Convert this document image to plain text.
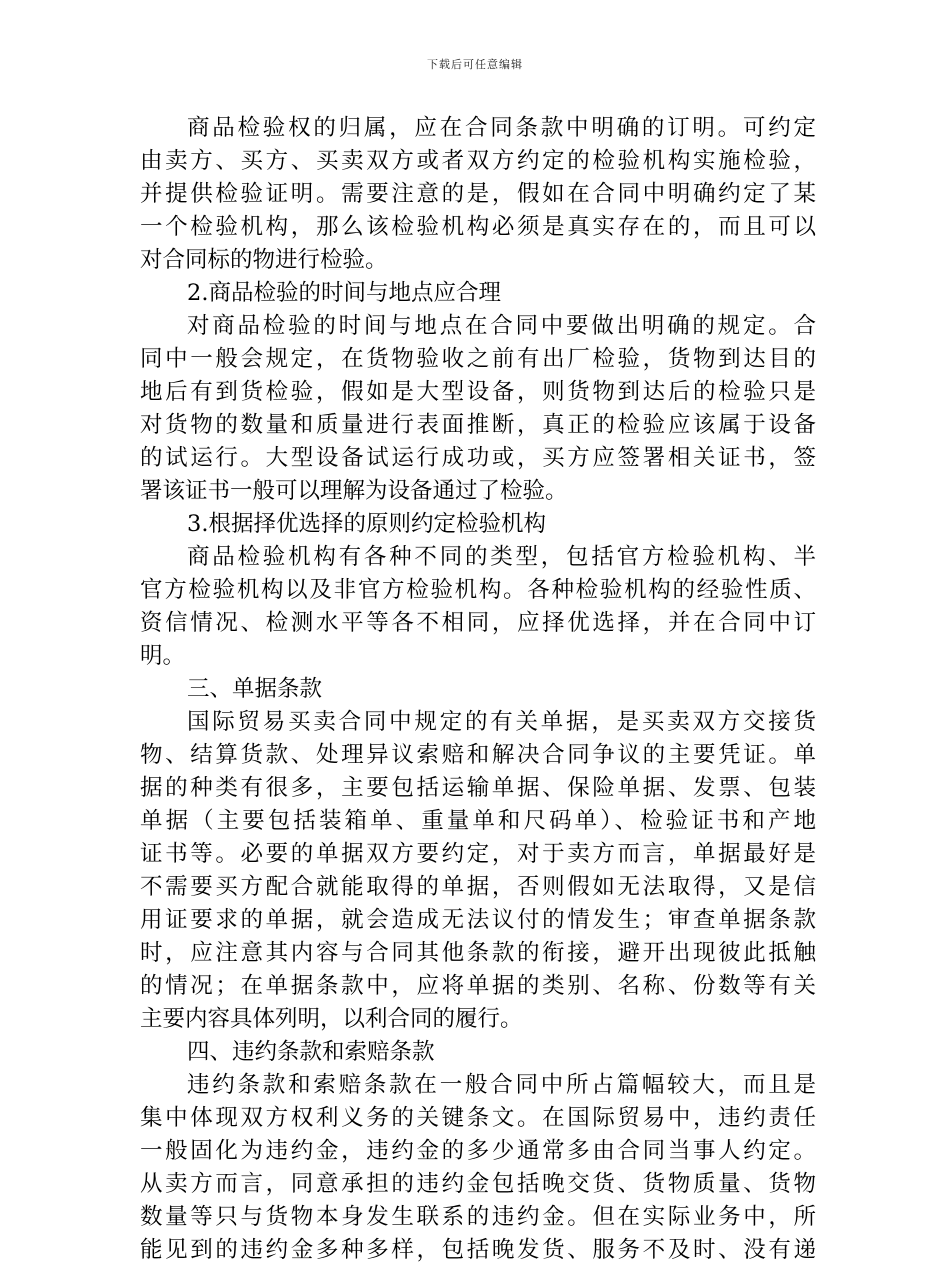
下载后可任意编辑
商品检验权的归属，应在合同条款中明确的订明。可约定
由卖方、买方、买卖双方或者双方约定的检验机构实施检验，
并提供检验证明。需要注意的是，假如在合同中明确约定了某
一个检验机构，那么该检验机构必须是真实存在的，而且可以
对合同标的物进行检验。
2.商品检验的时间与地点应合理
对商品检验的时间与地点在合同中要做出明确的规定。合
同中一般会规定，在货物验收之前有出厂检验，货物到达目的
地后有到货检验，假如是大型设备，则货物到达后的检验只是
对货物的数量和质量进行表面推断，真正的检验应该属于设备
的试运行。大型设备试运行成功或，买方应签署相关证书，签
署该证书一般可以理解为设备通过了检验。
3.根据择优选择的原则约定检验机构
商品检验机构有各种不同的类型，包括官方检验机构、半
官方检验机构以及非官方检验机构。各种检验机构的经验性质、
资信情况、检测水平等各不相同，应择优选择，并在合同中订
明。
三、单据条款
国际贸易买卖合同中规定的有关单据，是买卖双方交接货
物、结算货款、处理异议索赔和解决合同争议的主要凭证。单
据的种类有很多，主要包括运输单据、保险单据、发票、包装
单据（主要包括装箱单、重量单和尺码单）、检验证书和产地
证书等。必要的单据双方要约定，对于卖方而言，单据最好是
不需要买方配合就能取得的单据，否则假如无法取得，又是信
用证要求的单据，就会造成无法议付的情发生；审查单据条款
时，应注意其内容与合同其他条款的衔接，避开出现彼此抵触
的情况；在单据条款中，应将单据的类别、名称、份数等有关
主要内容具体列明，以利合同的履行。
四、违约条款和索赔条款
违约条款和索赔条款在一般合同中所占篇幅较大，而且是
集中体现双方权利义务的关键条文。在国际贸易中，违约责任
一般固化为违约金，违约金的多少通常多由合同当事人约定。
从卖方而言，同意承担的违约金包括晚交货、货物质量、货物
数量等只与货物本身发生联系的违约金。但在实际业务中，所
能见到的违约金多种多样，包括晚发货、服务不及时、没有递
